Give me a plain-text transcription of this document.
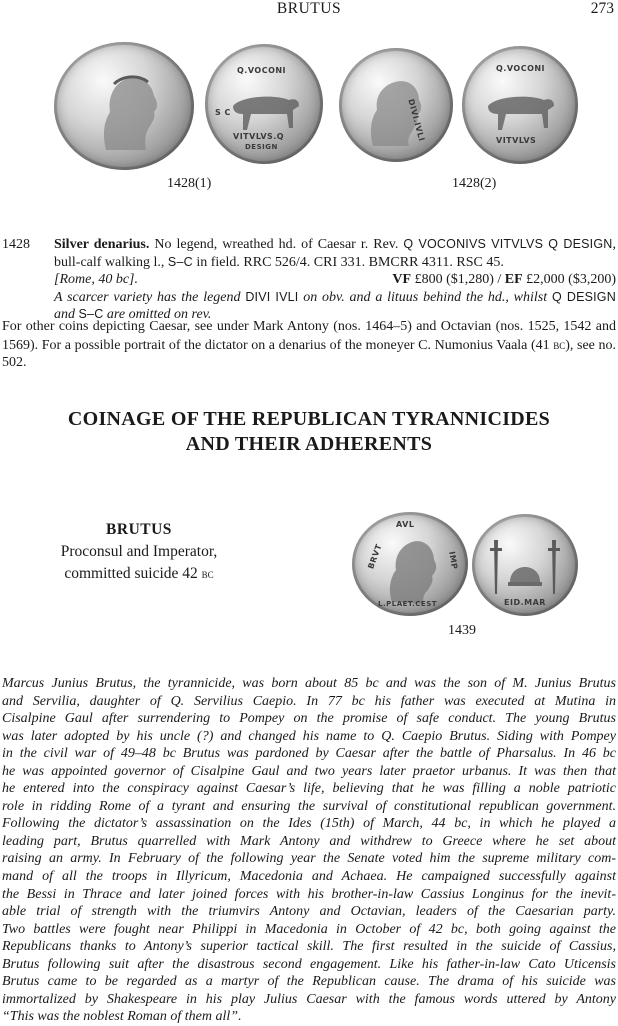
BRUTUS	273
Q.VOCONI
S C
VITVLVS.Q
DESIGN
DIVI.IVLI
Q.VOCONI
VITVLVS
1428(1)	1428(2)
1428 Silver denarius. No legend, wreathed hd. of Caesar r. Rev. Q VOCONIVS VITVLVS Q DESIGN, bull-calf walking l., S–C in field. RRC 526/4. CRI 331. BMCRR 4311. RSC 45.
[Rome, 40 bc].	VF £800 ($1,280) / EF £2,000 ($3,200)
A scarcer variety has the legend DIVI IVLI on obv. and a lituus behind the hd., whilst Q DESIGN and S–C are omitted on rev.
For other coins depicting Caesar, see under Mark Antony (nos. 1464–5) and Octavian (nos. 1525, 1542 and 1569). For a possible portrait of the dictator on a denarius of the moneyer C. Numonius Vaala (41 bc), see no. 502.
COINAGE OF THE REPUBLICAN TYRANNICIDES
AND THEIR ADHERENTS
BRUTUS
Proconsul and Imperator,
committed suicide 42 bc
AVL
BRVT	IMP
L.PLAET.CEST	EID.MAR
1439
Marcus Junius Brutus, the tyrannicide, was born about 85 bc and was the son of M. Junius Brutus
and Servilia, daughter of Q. Servilius Caepio. In 77 bc his father was executed at Mutina in
Cisalpine Gaul after surrendering to Pompey on the promise of safe conduct. The young Brutus
was later adopted by his uncle (?) and changed his name to Q. Caepio Brutus. Siding with Pompey
in the civil war of 49–48 bc Brutus was pardoned by Caesar after the battle of Pharsalus. In 46 bc
he was appointed governor of Cisalpine Gaul and two years later praetor urbanus. It was then that
he entered into the conspiracy against Caesar’s life, believing that he was filling a noble patriotic
role in ridding Rome of a tyrant and ensuring the survival of constitutional republican government.
Following the dictator’s assassination on the Ides (15th) of March, 44 bc, in which he played a
leading part, Brutus quarrelled with Mark Antony and withdrew to Greece where he set about
raising an army. In February of the following year the Senate voted him the supreme military com-
mand of all the troops in Illyricum, Macedonia and Achaea. He campaigned successfully against
the Bessi in Thrace and later joined forces with his brother-in-law Cassius Longinus for the inevit-
able trial of strength with the triumvirs Antony and Octavian, leaders of the Caesarian party.
Two battles were fought near Philippi in Macedonia in October of 42 bc, both going against the
Republicans thanks to Antony’s superior tactical skill. The first resulted in the suicide of Cassius,
Brutus following suit after the disastrous second engagement. Like his father-in-law Cato Uticensis
Brutus came to be regarded as a martyr of the Republican cause. The drama of his suicide was
immortalized by Shakespeare in his play Julius Caesar with the famous words uttered by Antony
“This was the noblest Roman of them all”.
